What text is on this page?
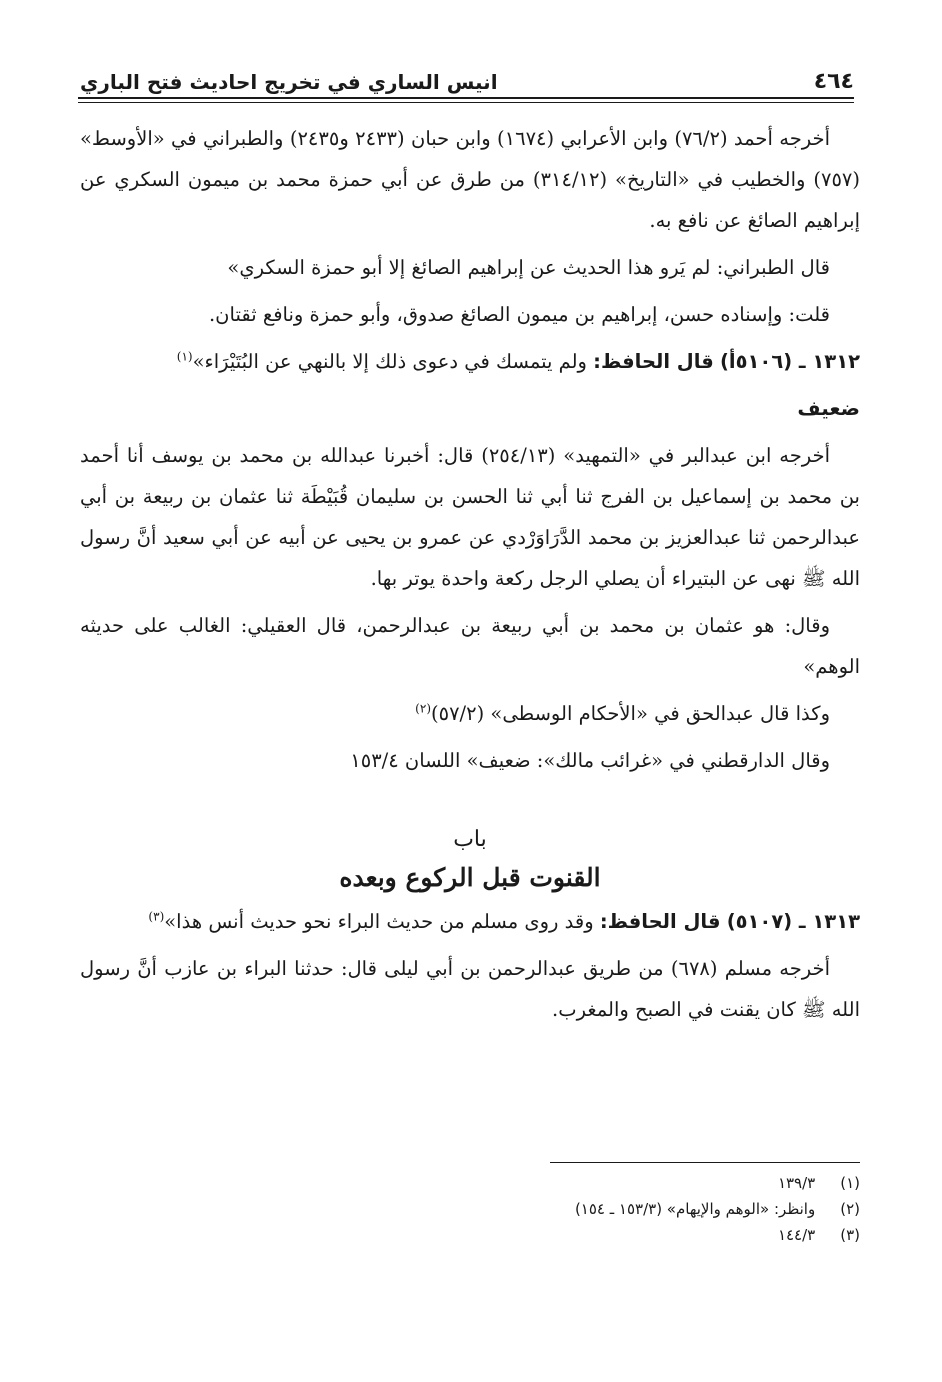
٤٦٤
انيس الساري في تخريج احاديث فتح الباري

أخرجه أحمد (٧٦/٢) وابن الأعرابي (١٦٧٤) وابن حبان (٢٤٣٣ و٢٤٣٥) والطبراني في «الأوسط» (٧٥٧) والخطيب في «التاريخ» (٣١٤/١٢) من طرق عن أبي حمزة محمد بن ميمون السكري عن إبراهيم الصائغ عن نافع به.

قال الطبراني: لم يَرو هذا الحديث عن إبراهيم الصائغ إلا أبو حمزة السكري»

قلت: وإسناده حسن، إبراهيم بن ميمون الصائغ صدوق، وأبو حمزة ونافع ثقتان.

١٣١٢ ـ (٥١٠٦أ) قال الحافظ: ولم يتمسك في دعوى ذلك إلا بالنهي عن البُتَيْرَاء»$^{(١)}$

ضعيف

أخرجه ابن عبدالبر في «التمهيد» (٢٥٤/١٣) قال: أخبرنا عبدالله بن محمد بن يوسف أنا أحمد بن محمد بن إسماعيل بن الفرج ثنا أبي ثنا الحسن بن سليمان قُبَيْطَة ثنا عثمان بن ربيعة بن أبي عبدالرحمن ثنا عبدالعزيز بن محمد الدَّرَاوَرْدي عن عمرو بن يحيى عن أبيه عن أبي سعيد أنَّ رسول الله ﷺ نهى عن البتيراء أن يصلي الرجل ركعة واحدة يوتر بها.

وقال: هو عثمان بن محمد بن أبي ربيعة بن عبدالرحمن، قال العقيلي: الغالب على حديثه الوهم»

وكذا قال عبدالحق في «الأحكام الوسطى» (٥٧/٢)$^{(٢)}$

وقال الدارقطني في «غرائب مالك»: ضعيف» اللسان ١٥٣/٤

باب
القنوت قبل الركوع وبعده

١٣١٣ ـ (٥١٠٧) قال الحافظ: وقد روى مسلم من حديث البراء نحو حديث أنس هذا»$^{(٣)}$

أخرجه مسلم (٦٧٨) من طريق عبدالرحمن بن أبي ليلى قال: حدثنا البراء بن عازب أنَّ رسول الله ﷺ كان يقنت في الصبح والمغرب.

(١) ١٣٩/٣
(٢) وانظر: «الوهم والإيهام» (١٥٣/٣ ـ ١٥٤)
(٣) ١٤٤/٣
